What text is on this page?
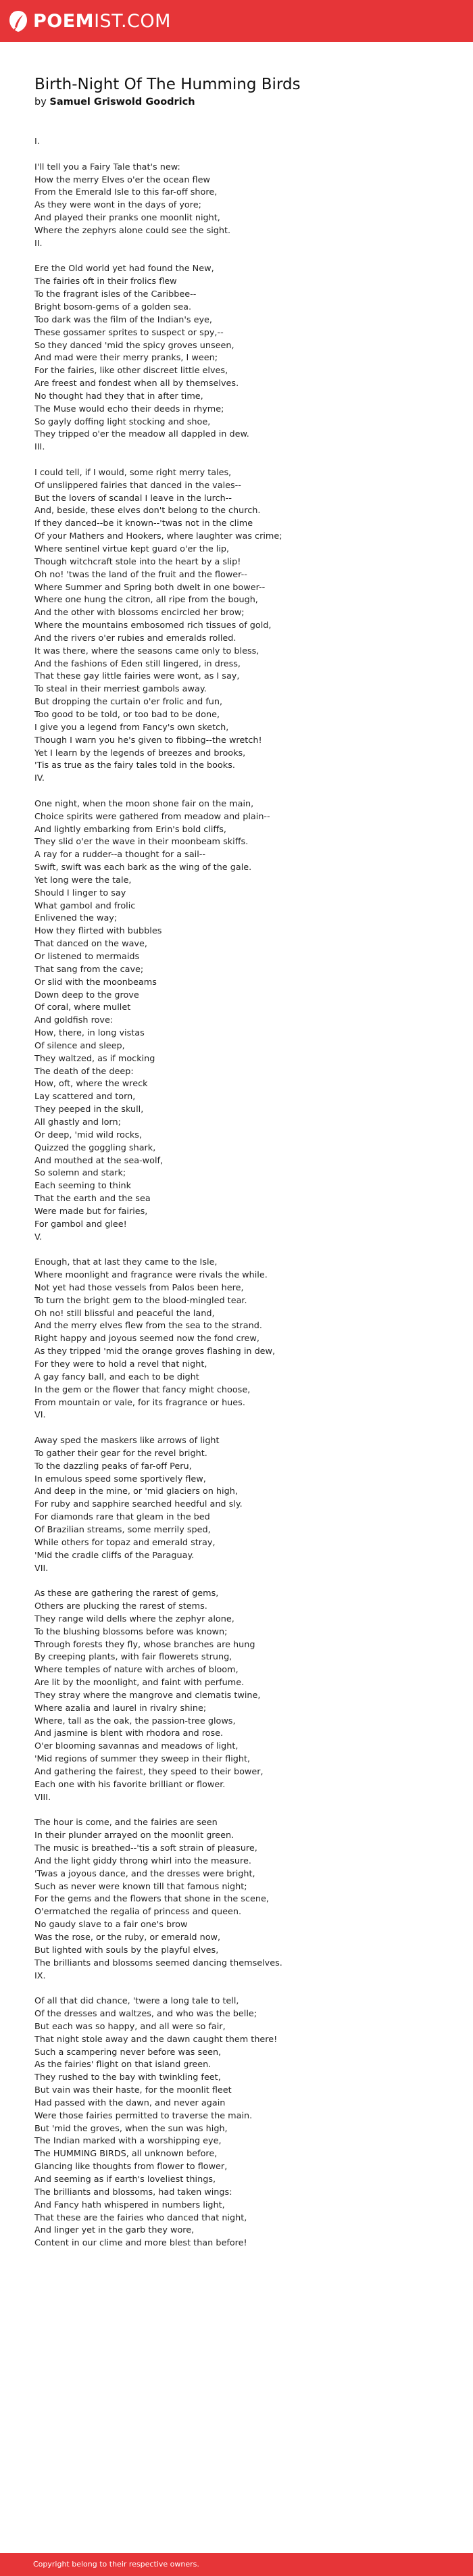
POEMIST.COM
Birth-Night Of The Humming Birds
by Samuel Griswold Goodrich
I.

I'll tell you a Fairy Tale that's new:
How the merry Elves o'er the ocean flew
From the Emerald Isle to this far-off shore,
As they were wont in the days of yore;
And played their pranks one moonlit night,
Where the zephyrs alone could see the sight.
II.

Ere the Old world yet had found the New,
The fairies oft in their frolics flew
To the fragrant isles of the Caribbee--
Bright bosom-gems of a golden sea.
Too dark was the film of the Indian's eye,
These gossamer sprites to suspect or spy,--
So they danced 'mid the spicy groves unseen,
And mad were their merry pranks, I ween;
For the fairies, like other discreet little elves,
Are freest and fondest when all by themselves.
No thought had they that in after time,
The Muse would echo their deeds in rhyme;
So gayly doffing light stocking and shoe,
They tripped o'er the meadow all dappled in dew.
III.

I could tell, if I would, some right merry tales,
Of unslippered fairies that danced in the vales--
But the lovers of scandal I leave in the lurch--
And, beside, these elves don't belong to the church.
If they danced--be it known--'twas not in the clime
Of your Mathers and Hookers, where laughter was crime;
Where sentinel virtue kept guard o'er the lip,
Though witchcraft stole into the heart by a slip!
Oh no! 'twas the land of the fruit and the flower--
Where Summer and Spring both dwelt in one bower--
Where one hung the citron, all ripe from the bough,
And the other with blossoms encircled her brow;
Where the mountains embosomed rich tissues of gold,
And the rivers o'er rubies and emeralds rolled.
It was there, where the seasons came only to bless,
And the fashions of Eden still lingered, in dress,
That these gay little fairies were wont, as I say,
To steal in their merriest gambols away.
But dropping the curtain o'er frolic and fun,
Too good to be told, or too bad to be done,
I give you a legend from Fancy's own sketch,
Though I warn you he's given to fibbing--the wretch!
Yet I learn by the legends of breezes and brooks,
'Tis as true as the fairy tales told in the books.
IV.

One night, when the moon shone fair on the main,
Choice spirits were gathered from meadow and plain--
And lightly embarking from Erin's bold cliffs,
They slid o'er the wave in their moonbeam skiffs.
A ray for a rudder--a thought for a sail--
Swift, swift was each bark as the wing of the gale.
Yet long were the tale,
Should I linger to say
What gambol and frolic
Enlivened the way;
How they flirted with bubbles
That danced on the wave,
Or listened to mermaids
That sang from the cave;
Or slid with the moonbeams
Down deep to the grove
Of coral, where mullet
And goldfish rove:
How, there, in long vistas
Of silence and sleep,
They waltzed, as if mocking
The death of the deep:
How, oft, where the wreck
Lay scattered and torn,
They peeped in the skull,
All ghastly and lorn;
Or deep, 'mid wild rocks,
Quizzed the goggling shark,
And mouthed at the sea-wolf,
So solemn and stark;
Each seeming to think
That the earth and the sea
Were made but for fairies,
For gambol and glee!
V.

Enough, that at last they came to the Isle,
Where moonlight and fragrance were rivals the while.
Not yet had those vessels from Palos been here,
To turn the bright gem to the blood-mingled tear.
Oh no! still blissful and peaceful the land,
And the merry elves flew from the sea to the strand.
Right happy and joyous seemed now the fond crew,
As they tripped 'mid the orange groves flashing in dew,
For they were to hold a revel that night,
A gay fancy ball, and each to be dight
In the gem or the flower that fancy might choose,
From mountain or vale, for its fragrance or hues.
VI.

Away sped the maskers like arrows of light
To gather their gear for the revel bright.
To the dazzling peaks of far-off Peru,
In emulous speed some sportively flew,
And deep in the mine, or 'mid glaciers on high,
For ruby and sapphire searched heedful and sly.
For diamonds rare that gleam in the bed
Of Brazilian streams, some merrily sped,
While others for topaz and emerald stray,
'Mid the cradle cliffs of the Paraguay.
VII.

As these are gathering the rarest of gems,
Others are plucking the rarest of stems.
They range wild dells where the zephyr alone,
To the blushing blossoms before was known;
Through forests they fly, whose branches are hung
By creeping plants, with fair flowerets strung,
Where temples of nature with arches of bloom,
Are lit by the moonlight, and faint with perfume.
They stray where the mangrove and clematis twine,
Where azalia and laurel in rivalry shine;
Where, tall as the oak, the passion-tree glows,
And jasmine is blent with rhodora and rose.
O'er blooming savannas and meadows of light,
'Mid regions of summer they sweep in their flight,
And gathering the fairest, they speed to their bower,
Each one with his favorite brilliant or flower.
VIII.

The hour is come, and the fairies are seen
In their plunder arrayed on the moonlit green.
The music is breathed--'tis a soft strain of pleasure,
And the light giddy throng whirl into the measure.
'Twas a joyous dance, and the dresses were bright,
Such as never were known till that famous night;
For the gems and the flowers that shone in the scene,
O'ermatched the regalia of princess and queen.
No gaudy slave to a fair one's brow
Was the rose, or the ruby, or emerald now,
But lighted with souls by the playful elves,
The brilliants and blossoms seemed dancing themselves.
IX.

Of all that did chance, 'twere a long tale to tell,
Of the dresses and waltzes, and who was the belle;
But each was so happy, and all were so fair,
That night stole away and the dawn caught them there!
Such a scampering never before was seen,
As the fairies' flight on that island green.
They rushed to the bay with twinkling feet,
But vain was their haste, for the moonlit fleet
Had passed with the dawn, and never again
Were those fairies permitted to traverse the main.
But 'mid the groves, when the sun was high,
The Indian marked with a worshipping eye,
The HUMMING BIRDS, all unknown before,
Glancing like thoughts from flower to flower,
And seeming as if earth's loveliest things,
The brilliants and blossoms, had taken wings:
And Fancy hath whispered in numbers light,
That these are the fairies who danced that night,
And linger yet in the garb they wore,
Content in our clime and more blest than before!
Copyright belong to their respective owners.
